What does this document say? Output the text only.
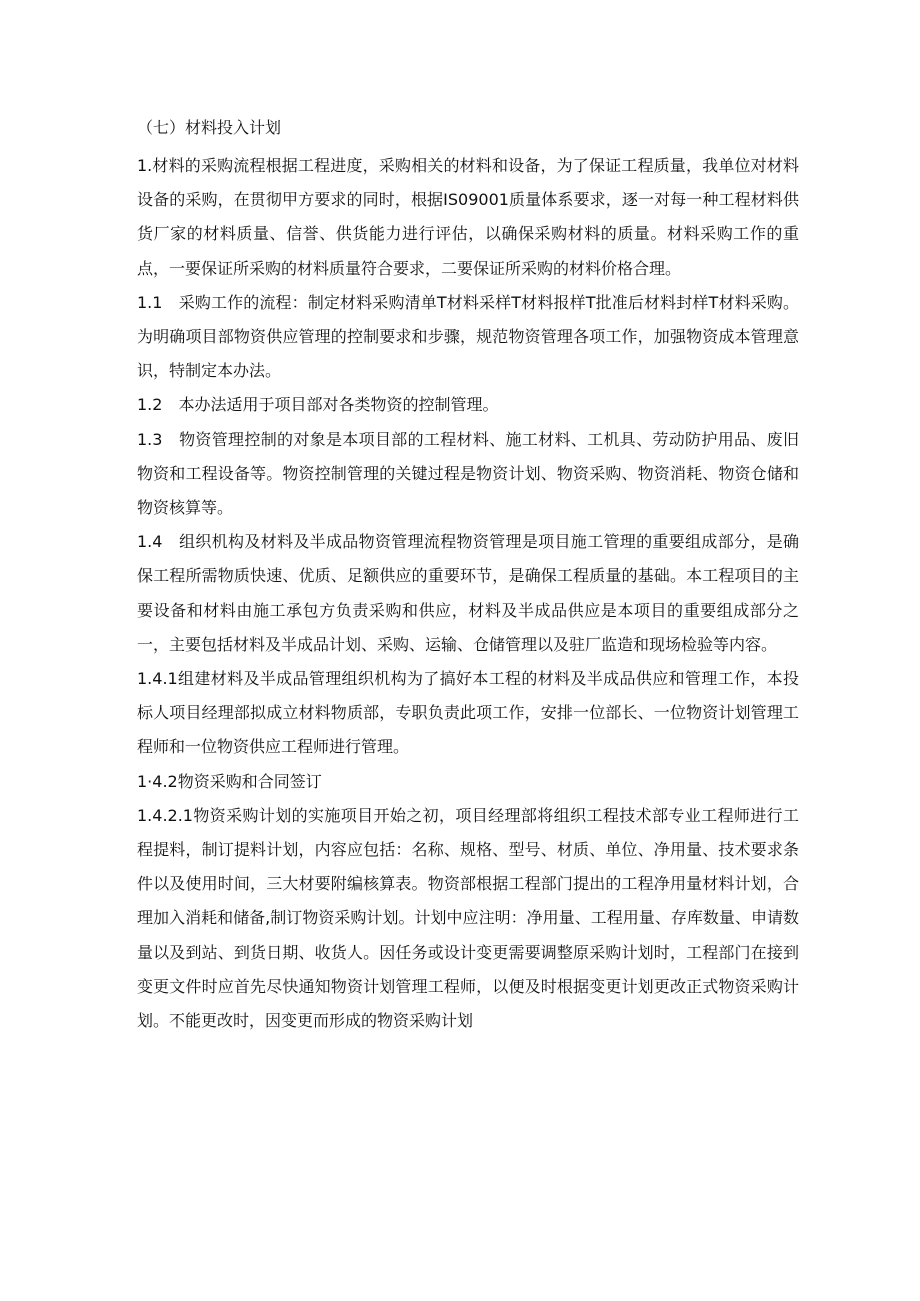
（七）材料投入计划

1.材料的采购流程根据工程进度，采购相关的材料和设备，为了保证工程质量，我单位对材料设备的采购，在贯彻甲方要求的同时，根据IS09001质量体系要求，逐一对每一种工程材料供货厂家的材料质量、信誉、供货能力进行评估，以确保采购材料的质量。材料采购工作的重点，一要保证所采购的材料质量符合要求，二要保证所采购的材料价格合理。

1.1　采购工作的流程：制定材料采购清单T材料采样T材料报样T批准后材料封样T材料采购。为明确项目部物资供应管理的控制要求和步骤，规范物资管理各项工作，加强物资成本管理意识，特制定本办法。

1.2　本办法适用于项目部对各类物资的控制管理。

1.3　物资管理控制的对象是本项目部的工程材料、施工材料、工机具、劳动防护用品、废旧物资和工程设备等。物资控制管理的关键过程是物资计划、物资采购、物资消耗、物资仓储和物资核算等。

1.4　组织机构及材料及半成品物资管理流程物资管理是项目施工管理的重要组成部分，是确保工程所需物质快速、优质、足额供应的重要环节，是确保工程质量的基础。本工程项目的主要设备和材料由施工承包方负责采购和供应，材料及半成品供应是本项目的重要组成部分之一，主要包括材料及半成品计划、采购、运输、仓储管理以及驻厂监造和现场检验等内容。

1.4.1组建材料及半成品管理组织机构为了搞好本工程的材料及半成品供应和管理工作，本投标人项目经理部拟成立材料物质部，专职负责此项工作，安排一位部长、一位物资计划管理工程师和一位物资供应工程师进行管理。

1·4.2物资采购和合同签订

1.4.2.1物资采购计划的实施项目开始之初，项目经理部将组织工程技术部专业工程师进行工程提料，制订提料计划，内容应包括：名称、规格、型号、材质、单位、净用量、技术要求条件以及使用时间，三大材要附编核算表。物资部根据工程部门提出的工程净用量材料计划，合理加入消耗和储备,制订物资采购计划。计划中应注明：净用量、工程用量、存库数量、申请数量以及到站、到货日期、收货人。因任务或设计变更需要调整原采购计划时，工程部门在接到变更文件时应首先尽快通知物资计划管理工程师，以便及时根据变更计划更改正式物资采购计划。不能更改时，因变更而形成的物资采购计划
